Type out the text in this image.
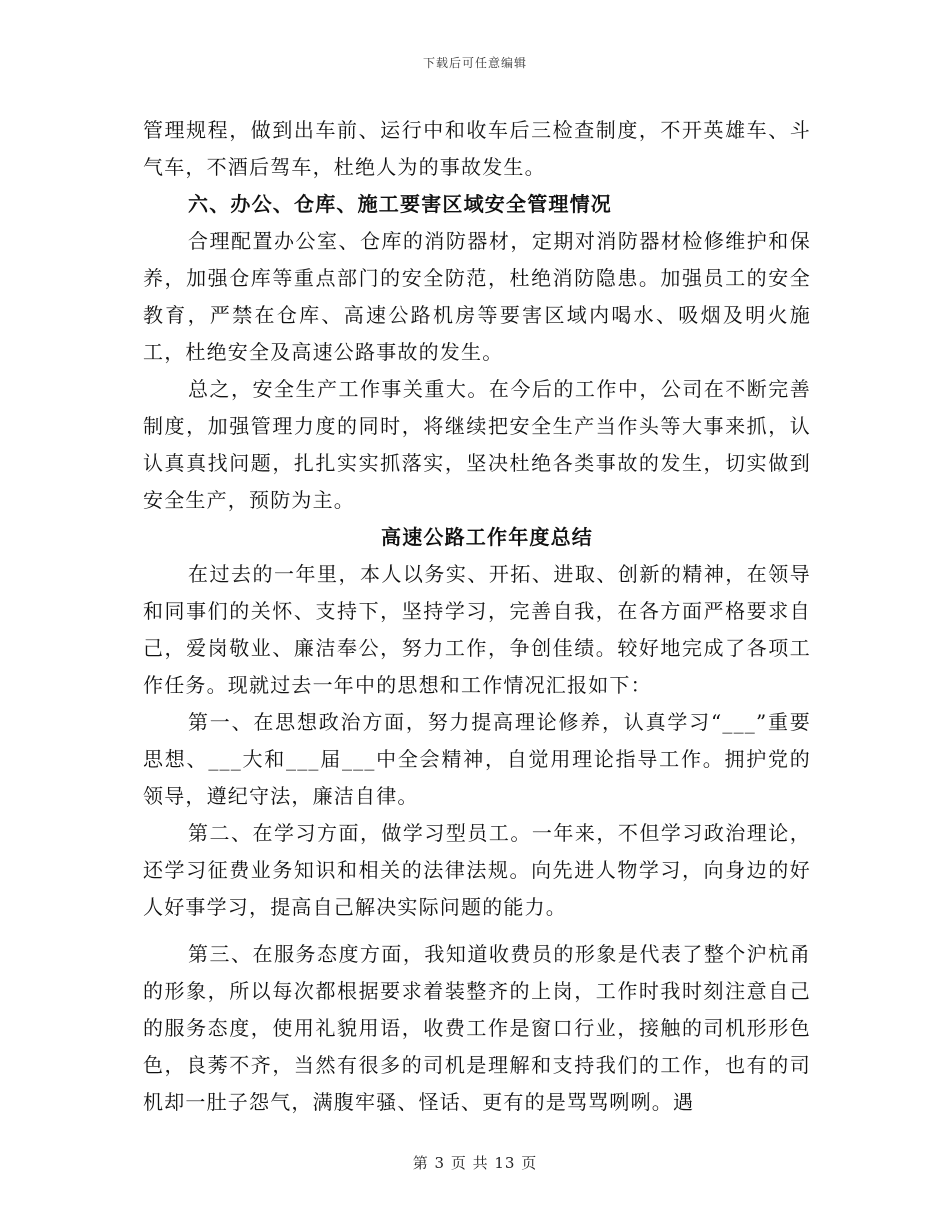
下载后可任意编辑

管理规程，做到出车前、运行中和收车后三检查制度，不开英雄车、斗气车，不酒后驾车，杜绝人为的事故发生。

六、办公、仓库、施工要害区域安全管理情况

合理配置办公室、仓库的消防器材，定期对消防器材检修维护和保养，加强仓库等重点部门的安全防范，杜绝消防隐患。加强员工的安全教育，严禁在仓库、高速公路机房等要害区域内喝水、吸烟及明火施工，杜绝安全及高速公路事故的发生。

总之，安全生产工作事关重大。在今后的工作中，公司在不断完善制度，加强管理力度的同时，将继续把安全生产当作头等大事来抓，认认真真找问题，扎扎实实抓落实，坚决杜绝各类事故的发生，切实做到安全生产，预防为主。

高速公路工作年度总结

在过去的一年里，本人以务实、开拓、进取、创新的精神，在领导和同事们的关怀、支持下，坚持学习，完善自我，在各方面严格要求自己，爱岗敬业、廉洁奉公，努力工作，争创佳绩。较好地完成了各项工作任务。现就过去一年中的思想和工作情况汇报如下：

第一、在思想政治方面，努力提高理论修养，认真学习“___”重要思想、___大和___届___中全会精神，自觉用理论指导工作。拥护党的领导，遵纪守法，廉洁自律。

第二、在学习方面，做学习型员工。一年来，不但学习政治理论，还学习征费业务知识和相关的法律法规。向先进人物学习，向身边的好人好事学习，提高自己解决实际问题的能力。

第三、在服务态度方面，我知道收费员的形象是代表了整个沪杭甬的形象，所以每次都根据要求着装整齐的上岗，工作时我时刻注意自己的服务态度，使用礼貌用语，收费工作是窗口行业，接触的司机形形色色，良莠不齐，当然有很多的司机是理解和支持我们的工作，也有的司机却一肚子怨气，满腹牢骚、怪话、更有的是骂骂咧咧。遇

第 3 页 共 13 页
